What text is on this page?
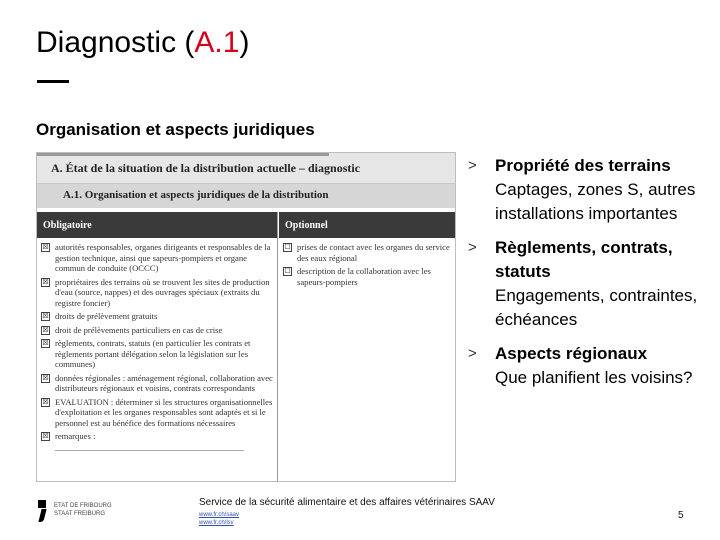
Diagnostic (A.1)
Organisation et aspects juridiques
A. État de la situation de la distribution actuelle – diagnostic
A.1. Organisation et aspects juridiques de la distribution
Obligatoire	Optionnel
☒ autorités responsables, organes dirigeants et responsables de la gestion technique, ainsi que sapeurs-pompiers et organe commun de conduite (OCCC)
☒ propriétaires des terrains où se trouvent les sites de production d'eau (source, nappes) et des ouvrages spéciaux (extraits du registre foncier)
☒ droits de prélèvement gratuits
☒ droit de prélèvements particuliers en cas de crise
☒ règlements, contrats, statuts (en particulier les contrats et règlements portant délégation selon la législation sur les communes)
☒ données régionales : aménagement régional, collaboration avec distributeurs régionaux et voisins, contrats correspondants
☒ EVALUATION : déterminer si les structures organisationnelles d'exploitation et les organes responsables sont adaptés et si le personnel est au bénéfice des formations nécessaires
☒ remarques : ____________________________________________
☐ prises de contact avec les organes du service des eaux régional
☐ description de la collaboration avec les sapeurs-pompiers
> Propriété des terrains
Captages, zones S, autres installations importantes
> Règlements, contrats, statuts
Engagements, contraintes, échéances
> Aspects régionaux
Que planifient les voisins?
ETAT DE FRIBOURG
STAAT FREIBURG
Service de la sécurité alimentaire et des affaires vétérinaires SAAV
www.fr.ch/saav
www.fr.ch/lsv
5
